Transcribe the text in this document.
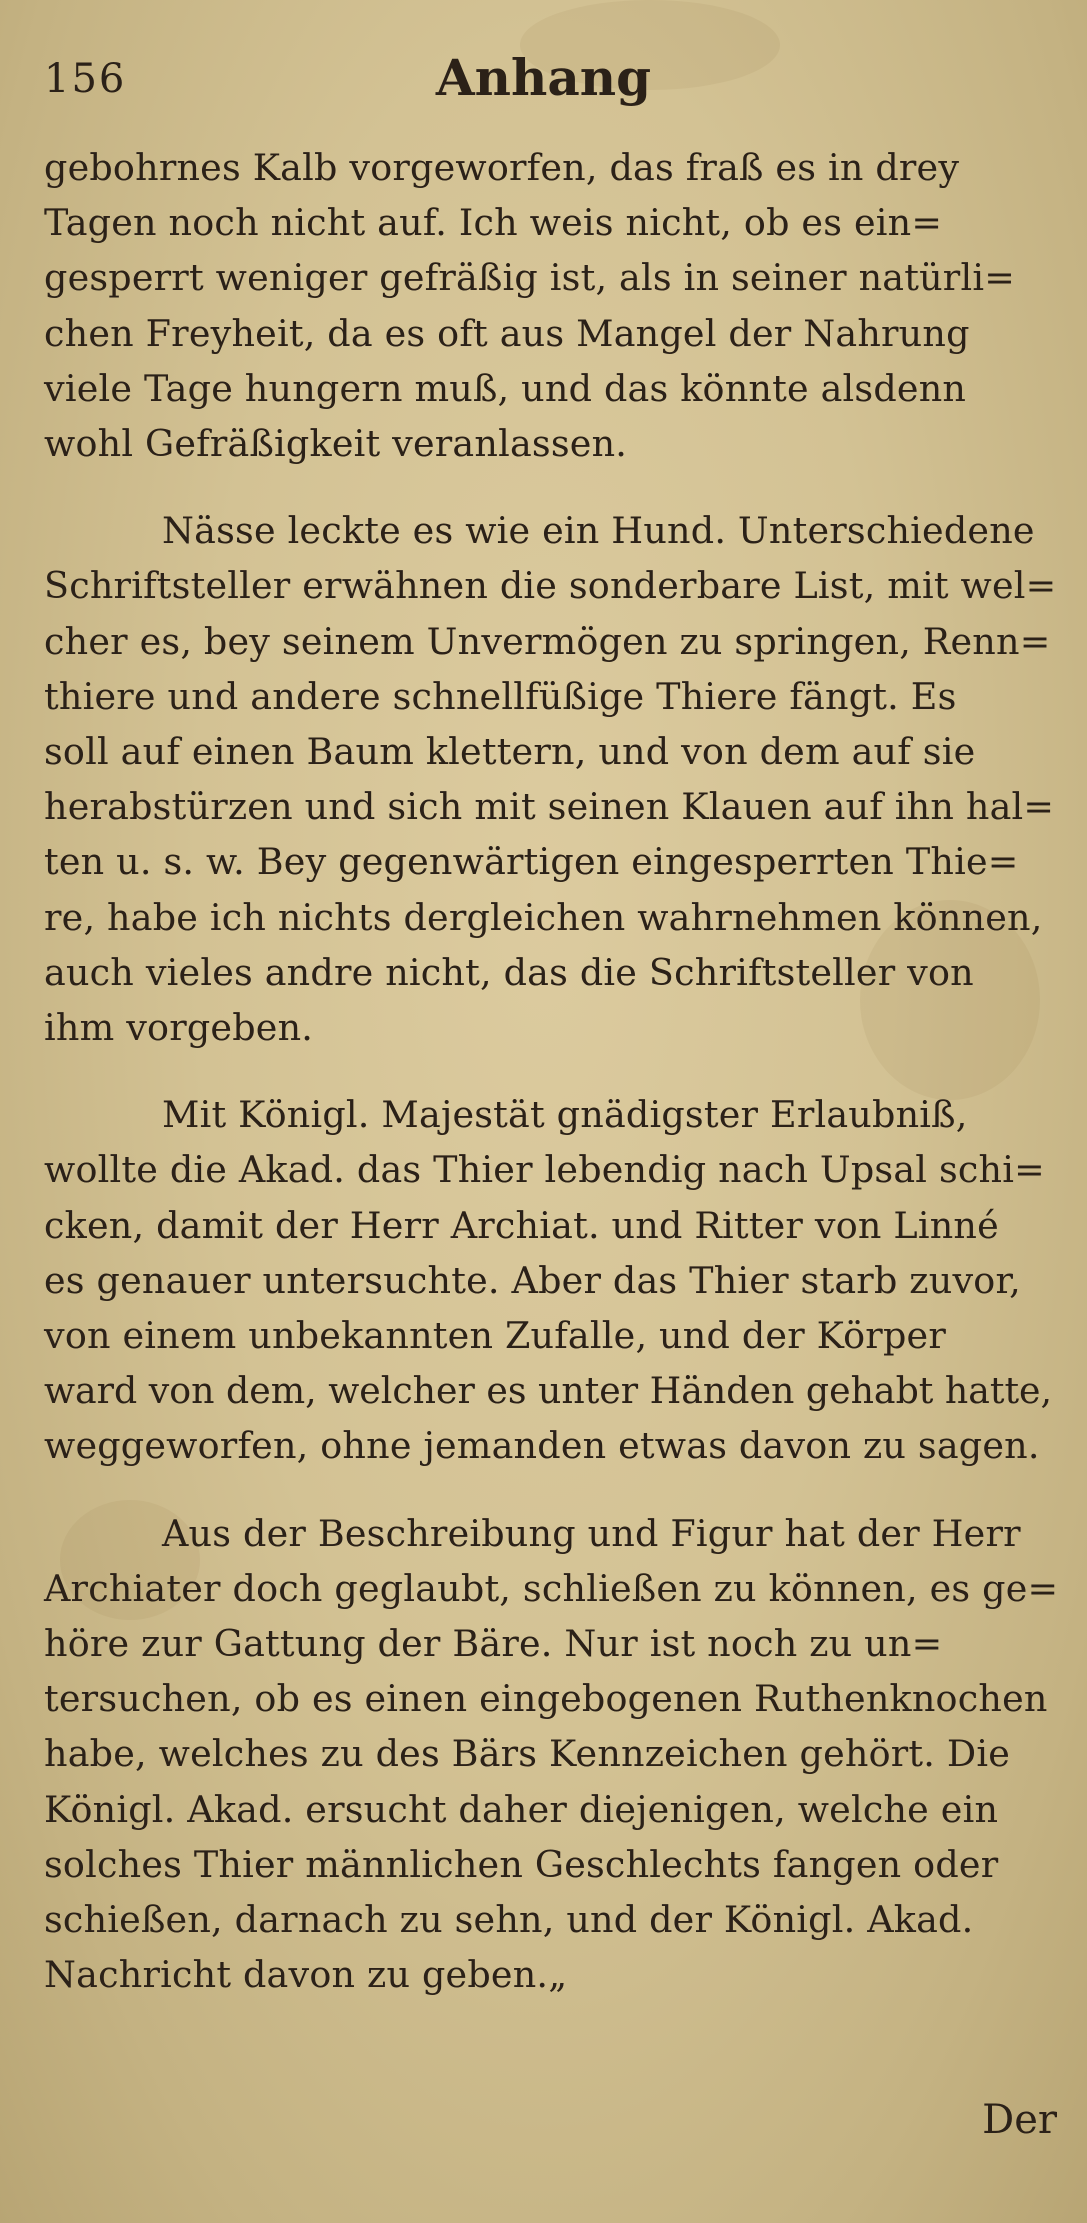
156	Anhang
gebohrnes Kalb vorgeworfen, das fraß es in drey
Tagen noch nicht auf. Ich weis nicht, ob es ein=
gesperrt weniger gefräßig ist, als in seiner natürli=
chen Freyheit, da es oft aus Mangel der Nahrung
viele Tage hungern muß, und das könnte alsdenn
wohl Gefräßigkeit veranlassen.
Nässe leckte es wie ein Hund. Unterschiedene
Schriftsteller erwähnen die sonderbare List, mit wel=
cher es, bey seinem Unvermögen zu springen, Renn=
thiere und andere schnellfüßige Thiere fängt. Es
soll auf einen Baum klettern, und von dem auf sie
herabstürzen und sich mit seinen Klauen auf ihn hal=
ten u. s. w. Bey gegenwärtigen eingesperrten Thie=
re, habe ich nichts dergleichen wahrnehmen können,
auch vieles andre nicht, das die Schriftsteller von
ihm vorgeben.
Mit Königl. Majestät gnädigster Erlaubniß,
wollte die Akad. das Thier lebendig nach Upsal schi=
cken, damit der Herr Archiat. und Ritter von Linné
es genauer untersuchte. Aber das Thier starb zuvor,
von einem unbekannten Zufalle, und der Körper
ward von dem, welcher es unter Händen gehabt hatte,
weggeworfen, ohne jemanden etwas davon zu sagen.
Aus der Beschreibung und Figur hat der Herr
Archiater doch geglaubt, schließen zu können, es ge=
höre zur Gattung der Bäre. Nur ist noch zu un=
tersuchen, ob es einen eingebogenen Ruthenknochen
habe, welches zu des Bärs Kennzeichen gehört. Die
Königl. Akad. ersucht daher diejenigen, welche ein
solches Thier männlichen Geschlechts fangen oder
schießen, darnach zu sehn, und der Königl. Akad.
Nachricht davon zu geben.„
Der
